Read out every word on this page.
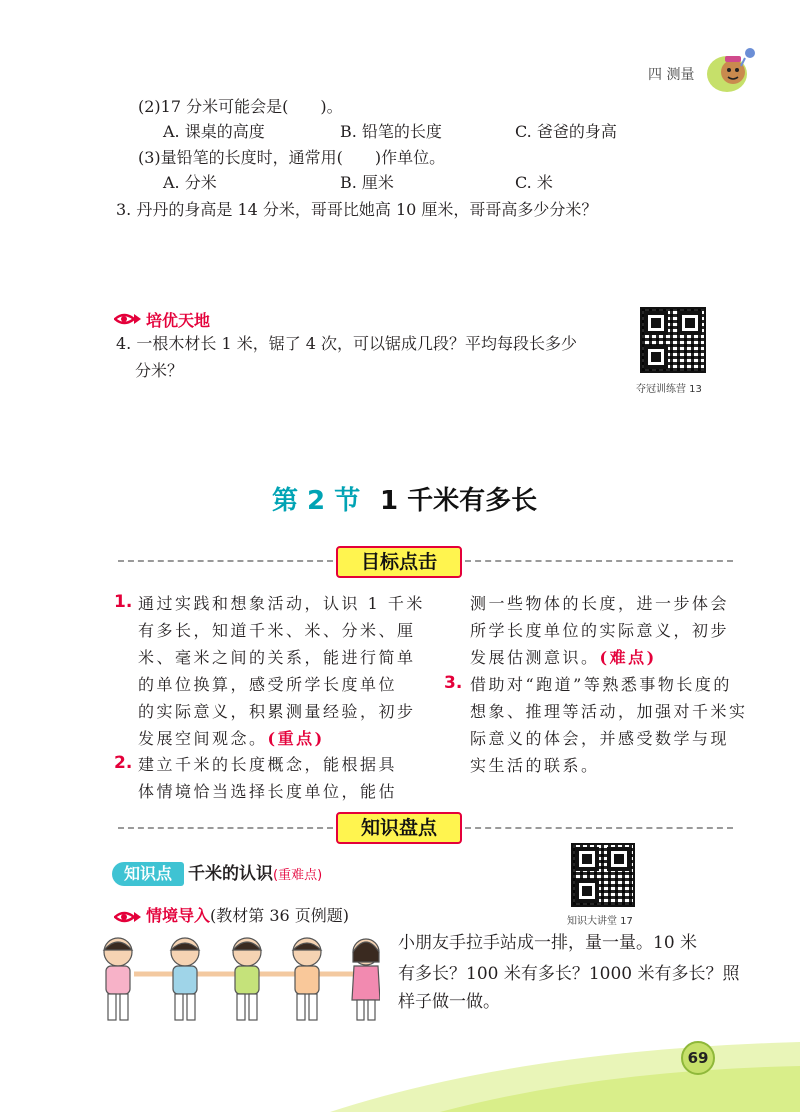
四 测量
(2)17 分米可能会是(　　)。
A. 课桌的高度	B. 铅笔的长度	C. 爸爸的身高
(3)量铅笔的长度时，通常用(　　)作单位。
A. 分米	B. 厘米	C. 米
3. 丹丹的身高是 14 分米，哥哥比她高 10 厘米，哥哥高多少分米？
培优天地
4. 一根木材长 1 米，锯了 4 次，可以锯成几段？平均每段长多少
分米？
夺冠训练营 13
第 2 节 1 千米有多长
目标点击
1. 通过实践和想象活动，认识 1 千米
有多长，知道千米、米、分米、厘
米、毫米之间的关系，能进行简单
的单位换算，感受所学长度单位
的实际意义，积累测量经验，初步
发展空间观念。(重点)
2. 建立千米的长度概念，能根据具
体情境恰当选择长度单位，能估
测一些物体的长度，进一步体会
所学长度单位的实际意义，初步
发展估测意识。(难点)
3. 借助对“跑道”等熟悉事物长度的
想象、推理等活动，加强对千米实
际意义的体会，并感受数学与现
实生活的联系。
知识盘点
知识点 千米的认识(重难点)
知识大讲堂 17
情境导入(教材第 36 页例题)
小朋友手拉手站成一排，量一量。10 米
有多长？100 米有多长？1000 米有多长？照
样子做一做。
69
